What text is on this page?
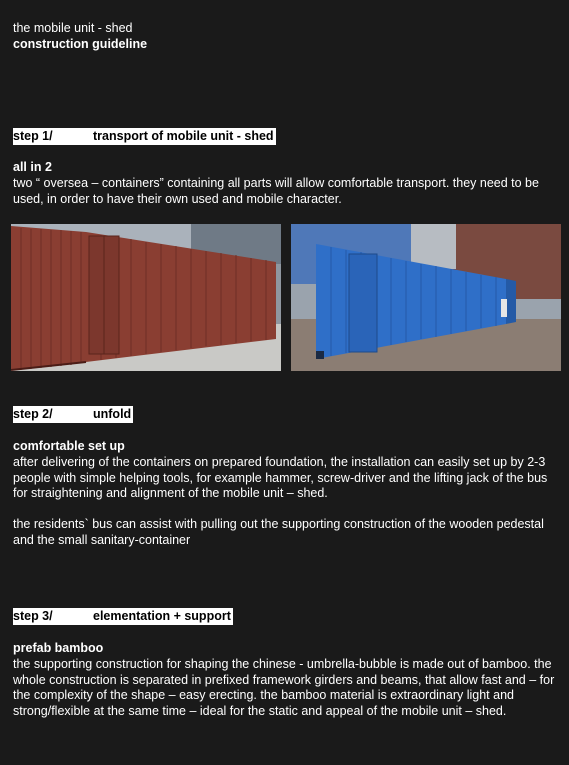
the mobile unit - shed
construction guideline
step 1/	transport of mobile unit - shed
all in 2
two “ oversea – containers” containing all parts will allow comfortable transport. they need to be used, in order to have their own used and mobile character.
step 2/	unfold
comfortable set up
after delivering of the containers on prepared foundation, the installation can easily set up by 2-3 people with simple helping tools, for example hammer, screw-driver and the lifting jack of the bus for straightening and alignment of the mobile unit – shed.
the residents` bus can assist with pulling out the supporting construction of the wooden pedestal and the small sanitary-container
step 3/	elementation + support
prefab bamboo
the supporting construction for shaping the chinese - umbrella-bubble is made out of bamboo. the whole construction is separated in prefixed framework girders and beams, that allow fast and – for the complexity of the shape – easy erecting. the bamboo material is extraordinary light and strong/flexible at the same time – ideal for the static and appeal of the mobile unit – shed.
